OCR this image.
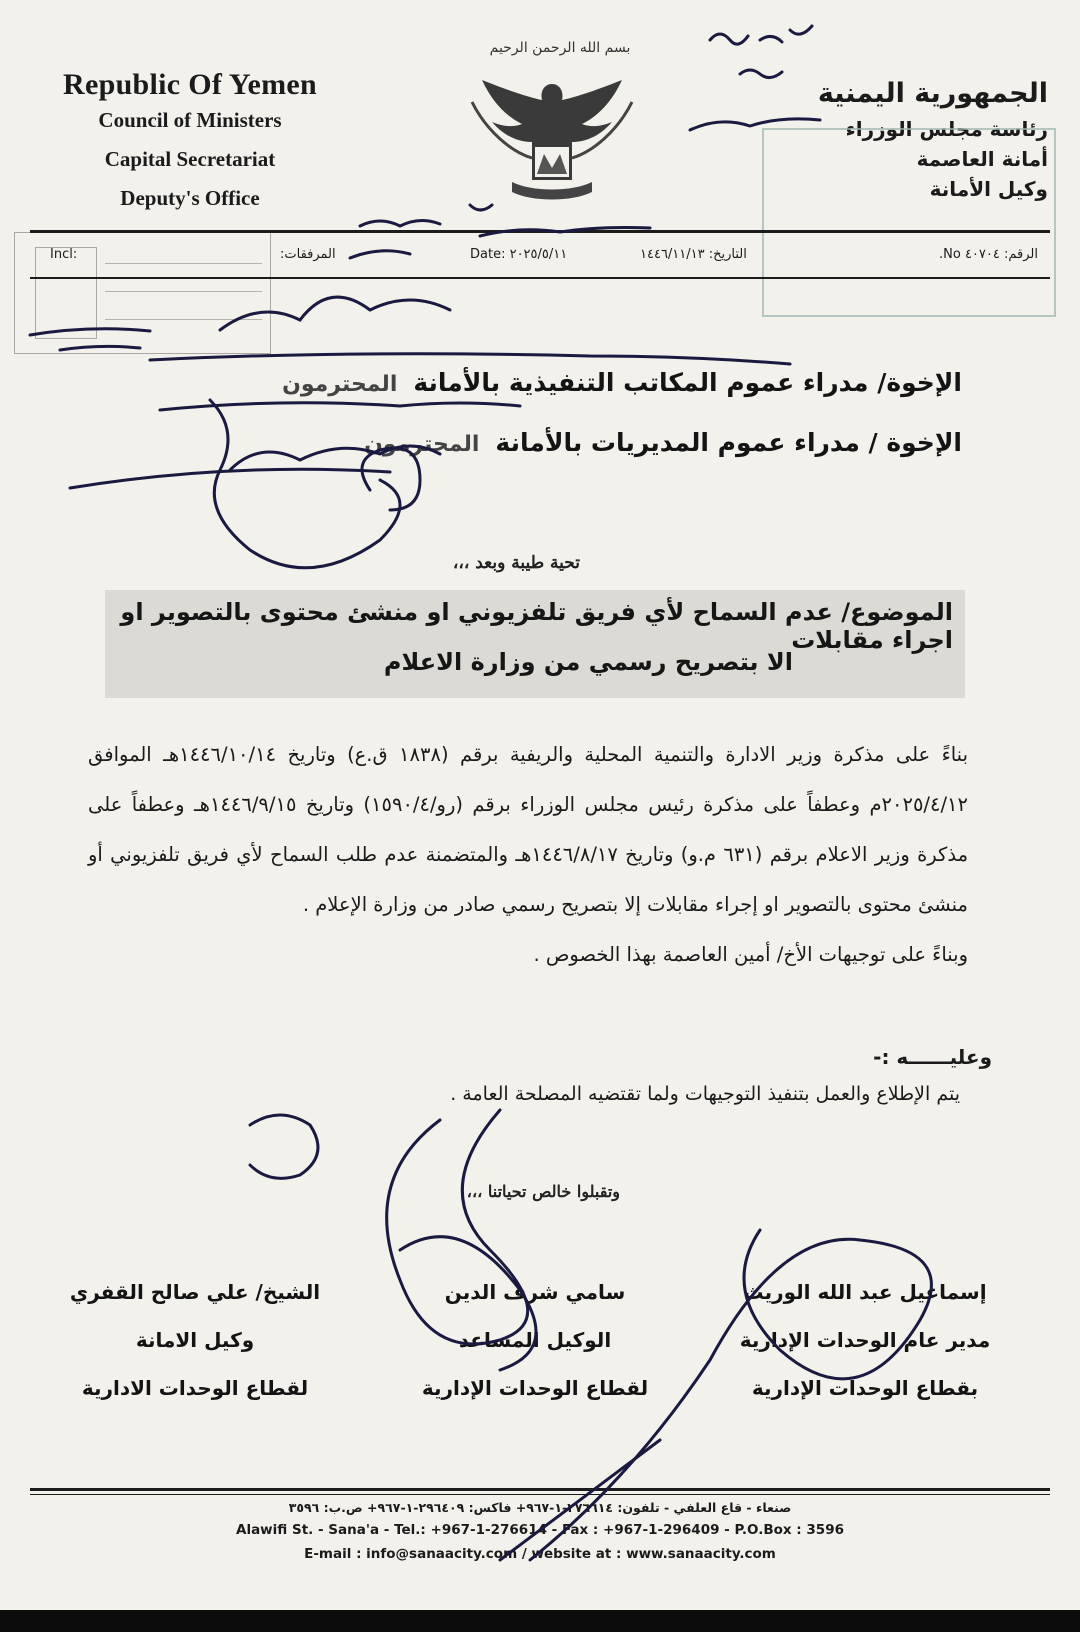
Republic Of Yemen
Council of Ministers
Capital Secretariat
Deputy's Office
بسم الله الرحمن الرحيم
الجمهورية اليمنية
رئاسة مجلس الوزراء
أمانة العاصمة
وكيل الأمانة
الرقم: ٤٠٧٠٤ No.
التاريخ: ١٤٤٦/١١/١٣
Date: ٢٠٢٥/٥/١١
المرفقات:
Incl:
الإخوة/ مدراء عموم المكاتب التنفيذية بالأمانةالمحترمون
الإخوة / مدراء عموم المديريات بالأمانةالمحترمون
تحية طيبة وبعد ،،،
الموضوع/ عدم السماح لأي فريق تلفزيوني او منشئ محتوى بالتصوير او اجراء مقابلات
الا بتصريح رسمي من وزارة الاعلام

بناءً على مذكرة وزير الادارة والتنمية المحلية والريفية برقم (١٨٣٨ ق.ع) وتاريخ ١٤٤٦/١٠/١٤هـ الموافق ٢٠٢٥/٤/١٢م وعطفاً على مذكرة رئيس مجلس الوزراء برقم (رو/١٥٩٠/٤) وتاريخ ١٤٤٦/٩/١٥هـ وعطفاً على مذكرة وزير الاعلام برقم (٦٣١ م.و) وتاريخ ١٤٤٦/٨/١٧هـ والمتضمنة عدم طلب السماح لأي فريق تلفزيوني أو منشئ محتوى بالتصوير او إجراء مقابلات إلا بتصريح رسمي صادر من وزارة الإعلام .

وبناءً على توجيهات الأخ/ أمين العاصمة بهذا الخصوص .

وعليــــــه :-
يتم الإطلاع والعمل بتنفيذ التوجيهات ولما تقتضيه المصلحة العامة .
وتقبلوا خالص تحياتنا ،،،
إسماعيل عبد الله الوريث
مدير عام الوحدات الإدارية
بقطاع الوحدات الإدارية
سامي شرف الدين
الوكيل المساعد
لقطاع الوحدات الإدارية
الشيخ/ علي صالح القفري
وكيل الامانة
لقطاع الوحدات الادارية
صنعاء - قاع العلفي - تلفون: ٢٧٦٦١٤-١-٩٦٧+ فاكس: ٢٩٦٤٠٩-١-٩٦٧+ ص.ب: ٣٥٩٦
Alawifi St. - Sana'a - Tel.: +967-1-276614 - Fax : +967-1-296409 - P.O.Box : 3596
E-mail : info@sanaacity.com / website at : www.sanaacity.com
